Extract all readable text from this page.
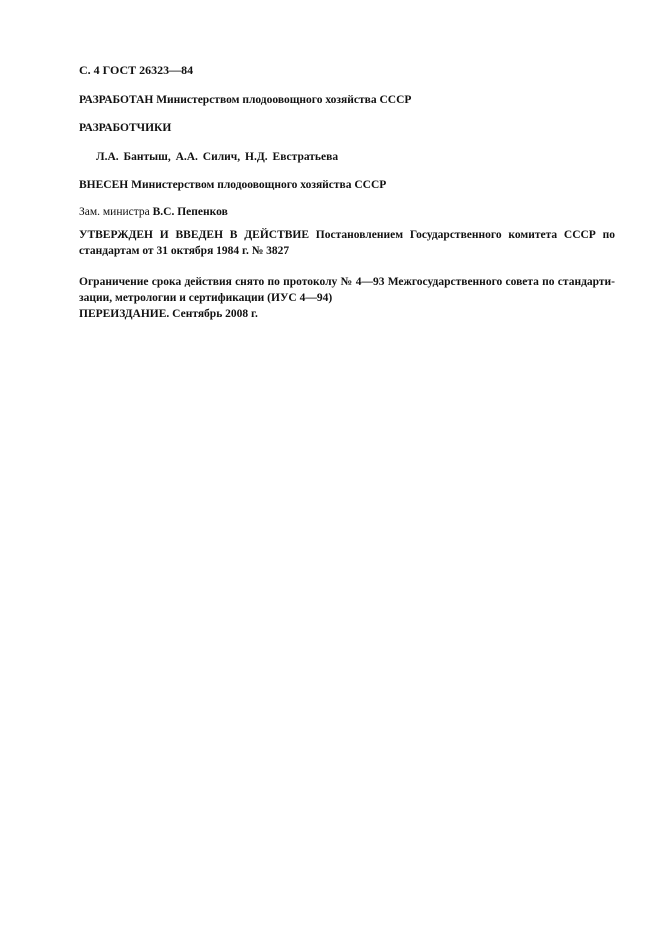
С. 4 ГОСТ 26323—84
РАЗРАБОТАН Министерством плодоовощного хозяйства СССР
РАЗРАБОТЧИКИ
Л.А. Бантыш, А.А. Силич, Н.Д. Евстратьева
ВНЕСЕН Министерством плодоовощного хозяйства СССР
Зам. министра В.С. Пепенков
УТВЕРЖДЕН И ВВЕДЕН В ДЕЙСТВИЕ Постановлением Государственного комитета СССР по стандартам от 31 октября 1984 г. № 3827
Ограничение срока действия снято по протоколу № 4—93 Межгосударственного совета по стандартизации, метрологии и сертификации (ИУС 4—94)
ПЕРЕИЗДАНИЕ. Сентябрь 2008 г.
